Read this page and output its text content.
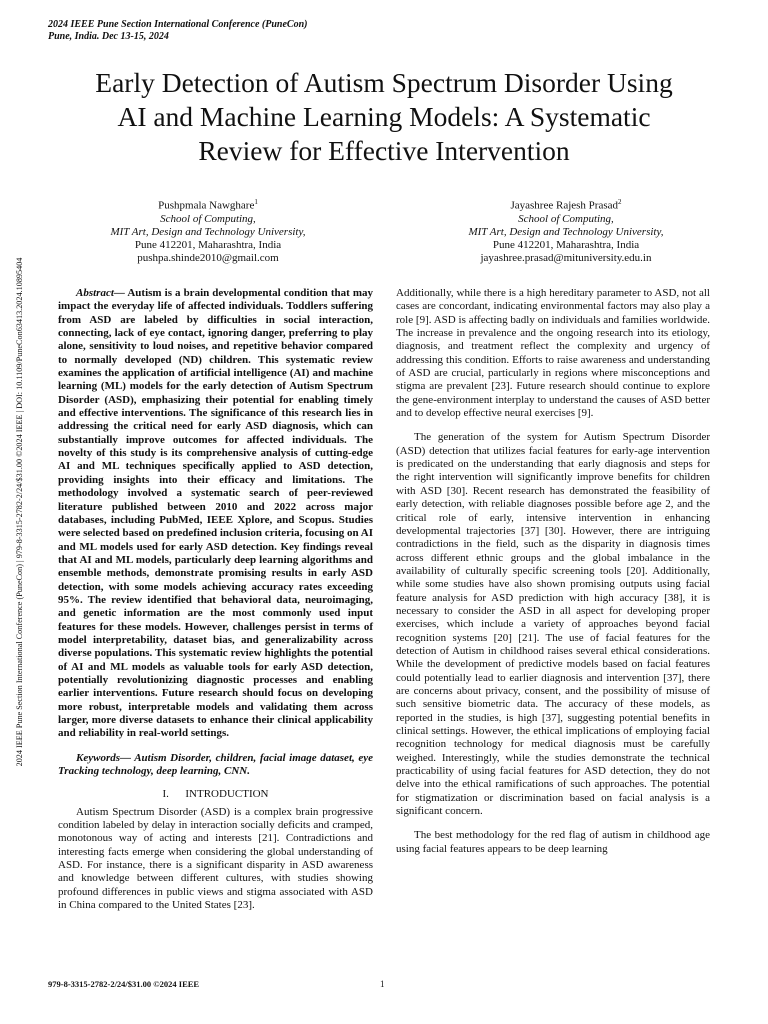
2024 IEEE Pune Section International Conference (PuneCon)
Pune, India. Dec 13-15, 2024
Early Detection of Autism Spectrum Disorder Using
AI and Machine Learning Models: A Systematic
Review for Effective Intervention
Pushpmala Nawghare$^1$
School of Computing,
MIT Art, Design and Technology University,
Pune 412201, Maharashtra, India
pushpa.shinde2010@gmail.com
Jayashree Rajesh Prasad$^2$
School of Computing,
MIT Art, Design and Technology University,
Pune 412201, Maharashtra, India
jayashree.prasad@mituniversity.edu.in
2024 IEEE Pune Section International Conference (PuneCon) | 979-8-3315-2782-2/24/$31.00 ©2024 IEEE | DOI: 10.1109/PuneCon63413.2024.10895404	Abstract— Autism is a brain developmental condition that may impact the everyday life of affected individuals. Toddlers suffering from ASD are labeled by difficulties in social interaction, connecting, lack of eye contact, ignoring danger, preferring to play alone, sensitivity to loud noises, and repetitive behavior compared to normally developed (ND) children. This systematic review examines the application of artificial intelligence (AI) and machine learning (ML) models for the early detection of Autism Spectrum Disorder (ASD), emphasizing their potential for enabling timely and effective interventions. The significance of this research lies in addressing the critical need for early ASD diagnosis, which can substantially improve outcomes for affected individuals. The novelty of this study is its comprehensive analysis of cutting-edge AI and ML techniques specifically applied to ASD detection, providing insights into their efficacy and limitations. The methodology involved a systematic search of peer-reviewed literature published between 2010 and 2022 across major databases, including PubMed, IEEE Xplore, and Scopus. Studies were selected based on predefined inclusion criteria, focusing on AI and ML models used for early ASD detection. Key findings reveal that AI and ML models, particularly deep learning algorithms and ensemble methods, demonstrate promising results in early ASD detection, with some models achieving accuracy rates exceeding 95%. The review identified that behavioral data, neuroimaging, and genetic information are the most commonly used input features for these models. However, challenges persist in terms of model interpretability, dataset bias, and generalizability across diverse populations. This systematic review highlights the potential of AI and ML models as valuable tools for early ASD detection, potentially revolutionizing diagnostic processes and enabling earlier interventions. Future research should focus on developing more robust, interpretable models and validating them across larger, more diverse datasets to enhance their clinical applicability and reliability in real-world settings.

Keywords— Autism Disorder, children, facial image dataset, eye Tracking technology, deep learning, CNN.

I.      INTRODUCTION

Autism Spectrum Disorder (ASD) is a complex brain progressive condition labeled by delay in interaction socially deficits and cramped, monotonous way of acting and interests [21]. Contradictions and interesting facts emerge when considering the global understanding of ASD. For instance, there is a significant disparity in ASD awareness and knowledge between different cultures, with studies showing profound differences in public views and stigma associated with ASD in China compared to the United States [23].

Additionally, while there is a high hereditary parameter to ASD, not all cases are concordant, indicating environmental factors may also play a role [9]. ASD is affecting badly on individuals and families worldwide. The increase in prevalence and the ongoing research into its etiology, diagnosis, and treatment reflect the complexity and urgency of addressing this condition. Efforts to raise awareness and understanding of ASD are crucial, particularly in regions where misconceptions and stigma are prevalent [23]. Future research should continue to explore the gene-environment interplay to understand the causes of ASD better and to develop effective neural exercises [9].

The generation of the system for Autism Spectrum Disorder (ASD) detection that utilizes facial features for early-age intervention is predicated on the understanding that early diagnosis and steps for the right intervention will significantly improve benefits for children with ASD [30]. Recent research has demonstrated the feasibility of early detection, with reliable diagnoses possible before age 2, and the critical role of early, intensive intervention in enhancing developmental trajectories [37] [30]. However, there are intriguing contradictions in the field, such as the disparity in diagnosis times across different ethnic groups and the global imbalance in the availability of culturally specific screening tools [20]. Additionally, while some studies have also shown promising outputs using facial feature analysis for ASD prediction with high accuracy [38], it is necessary to consider the ASD in all aspect for developing proper exercises, which include a variety of approaches beyond facial recognition systems [20] [21]. The use of facial features for the detection of Autism in childhood raises several ethical considerations. While the development of predictive models based on facial features could potentially lead to earlier diagnosis and intervention [37], there are concerns about privacy, consent, and the possibility of misuse of such sensitive biometric data. The accuracy of these models, as reported in the studies, is high [37], suggesting potential benefits in clinical settings. However, the ethical implications of employing facial recognition technology for medical diagnosis must be carefully weighed. Interestingly, while the studies demonstrate the technical practicability of using facial features for ASD detection, they do not delve into the ethical ramifications of such approaches. The potential for stigmatization or discrimination based on facial analysis is a significant concern.

The best methodology for the red flag of autism in childhood age using facial features appears to be deep learning

979-8-3315-2782-2/24/$31.00 ©2024 IEEE	1
